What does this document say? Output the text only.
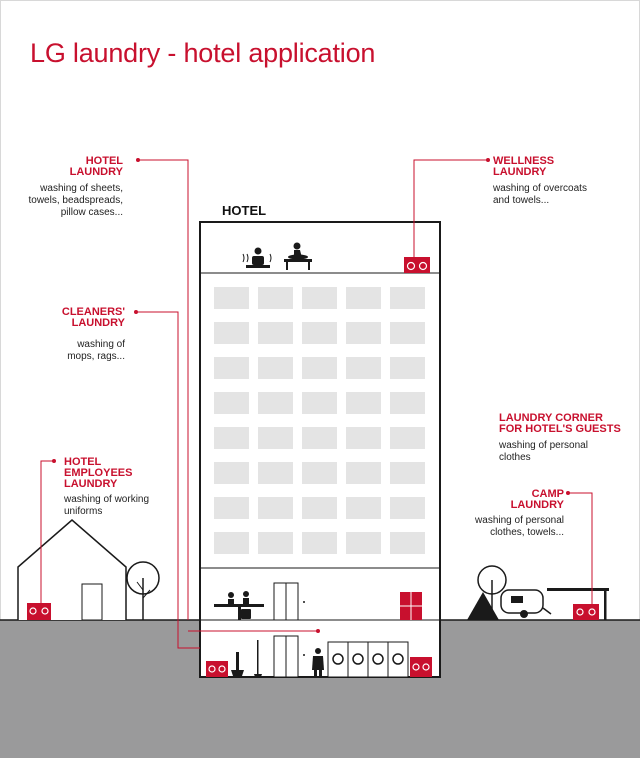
LG laundry - hotel application
HOTEL
HOTEL
LAUNDRY
washing of sheets,
towels, beadspreads,
pillow cases...
WELLNESS
LAUNDRY
washing of overcoats
and towels...
CLEANERS'
LAUNDRY
washing of
mops, rags...
LAUNDRY CORNER
FOR HOTEL'S GUESTS
washing of personal
clothes
HOTEL
EMPLOYEES
LAUNDRY
washing of working
uniforms
CAMP
LAUNDRY
washing of personal
clothes, towels...
